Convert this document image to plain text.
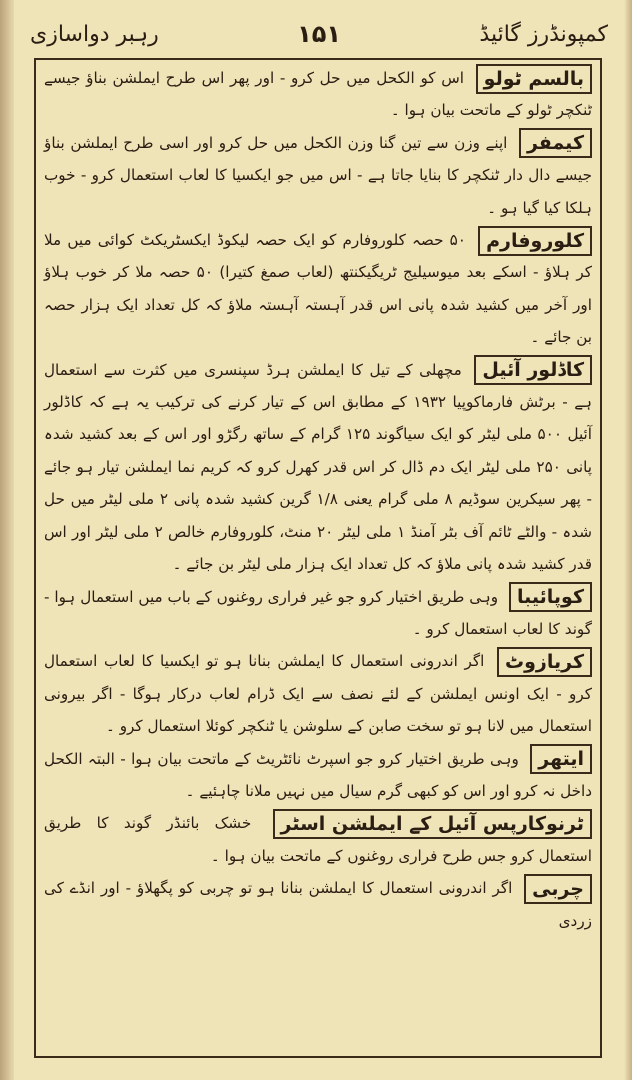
کمپونڈرز گائیڈ
۱۵۱
رہبر دواسازی

بالسم ٹولو اس کو الکحل میں حل کرو - اور پھر اس طرح ایملشن بناؤ جیسے ٹنکچر ٹولو کے ماتحت بیان ہوا ۔

کیمفر اپنے وزن سے تین گنا وزن الکحل میں حل کرو اور اسی طرح ایملشن بناؤ جیسے دال دار ٹنکچر کا بنایا جاتا ہے - اس میں جو ایکسیا کا لعاب استعمال کرو - خوب ہلکا کیا گیا ہو ۔

کلوروفارم ۵۰ حصہ کلوروفارم کو ایک حصہ لیکوڈ ایکسٹریکٹ کوائی میں ملا کر ہلاؤ - اسکے بعد میوسیلیج ٹریگیکنتھ (لعاب صمغ کتیرا) ۵۰ حصہ ملا کر خوب ہلاؤ اور آخر میں کشید شدہ پانی اس قدر آہستہ آہستہ ملاؤ کہ کل تعداد ایک ہزار حصہ بن جائے ۔

کاڈلور آئیل مچھلی کے تیل کا ایملشن ہرڈ سپنسری میں کثرت سے استعمال ہے - برٹش فارماکوپیا ۱۹۳۲ کے مطابق اس کے تیار کرنے کی ترکیب یہ ہے کہ کاڈلور آئیل ۵۰۰ ملی لیٹر کو ایک سیاگوند ۱۲۵ گرام کے ساتھ رگڑو اور اس کے بعد کشید شدہ پانی ۲۵۰ ملی لیٹر ایک دم ڈال کر اس قدر کھرل کرو کہ کریم نما ایملشن تیار ہو جائے - پھر سیکرین سوڈیم ۸ ملی گرام یعنی ۱/۸ گرین کشید شدہ پانی ۲ ملی لیٹر میں حل شدہ - والٹے ٹائم آف بٹر آمنڈ ۱ ملی لیٹر ۲۰ منٹ، کلوروفارم خالص ۲ ملی لیٹر اور اس قدر کشید شدہ پانی ملاؤ کہ کل تعداد ایک ہزار ملی لیٹر بن جائے ۔

کوپائیبا وہی طریق اختیار کرو جو غیر فراری روغنوں کے باب میں استعمال ہوا - گوند کا لعاب استعمال کرو ۔

کریازوٹ اگر اندرونی استعمال کا ایملشن بنانا ہو تو ایکسیا کا لعاب استعمال کرو - ایک اونس ایملشن کے لئے نصف سے ایک ڈرام لعاب درکار ہوگا - اگر بیرونی استعمال میں لانا ہو تو سخت صابن کے سلوشن یا ٹنکچر کوئلا استعمال کرو ۔

ایتھر وہی طریق اختیار کرو جو اسپرٹ نائٹریٹ کے ماتحت بیان ہوا - البتہ الکحل داخل نہ کرو اور اس کو کبھی گرم سیال میں نہیں ملانا چاہئیے ۔

ٹرنوکارپس آئیل کے ایملشن اسٹر خشک بائنڈر گوند کا طریق استعمال کرو جس طرح فراری روغنوں کے ماتحت بیان ہوا ۔

چربی اگر اندرونی استعمال کا ایملشن بنانا ہو تو چربی کو پگھلاؤ - اور انڈے کی زردی
